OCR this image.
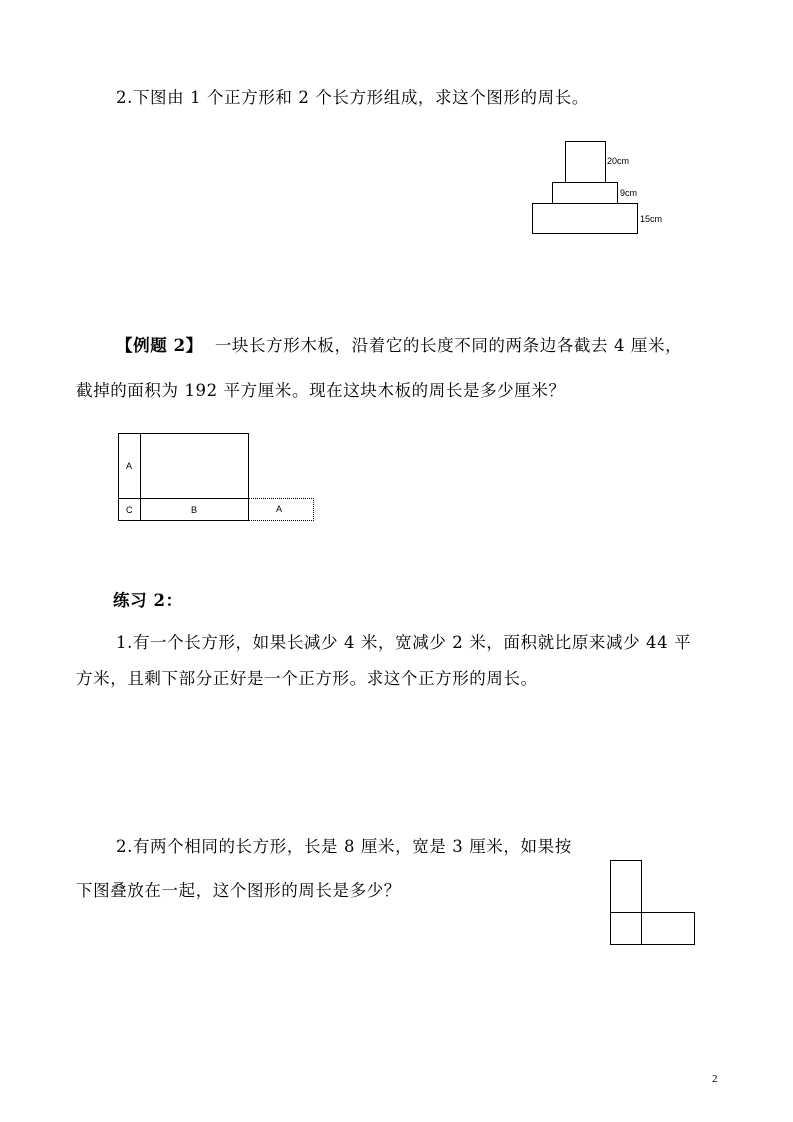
2.下图由 1 个正方形和 2 个长方形组成，求这个图形的周长。
20cm
9cm
15cm
【例题 2】 一块长方形木板，沿着它的长度不同的两条边各截去 4 厘米，
截掉的面积为 192 平方厘米。现在这块木板的周长是多少厘米？
A
C	B	A
练习 2：
1.有一个长方形，如果长减少 4 米，宽减少 2 米，面积就比原来减少 44 平
方米，且剩下部分正好是一个正方形。求这个正方形的周长。
2.有两个相同的长方形，长是 8 厘米，宽是 3 厘米，如果按
下图叠放在一起，这个图形的周长是多少？
2
